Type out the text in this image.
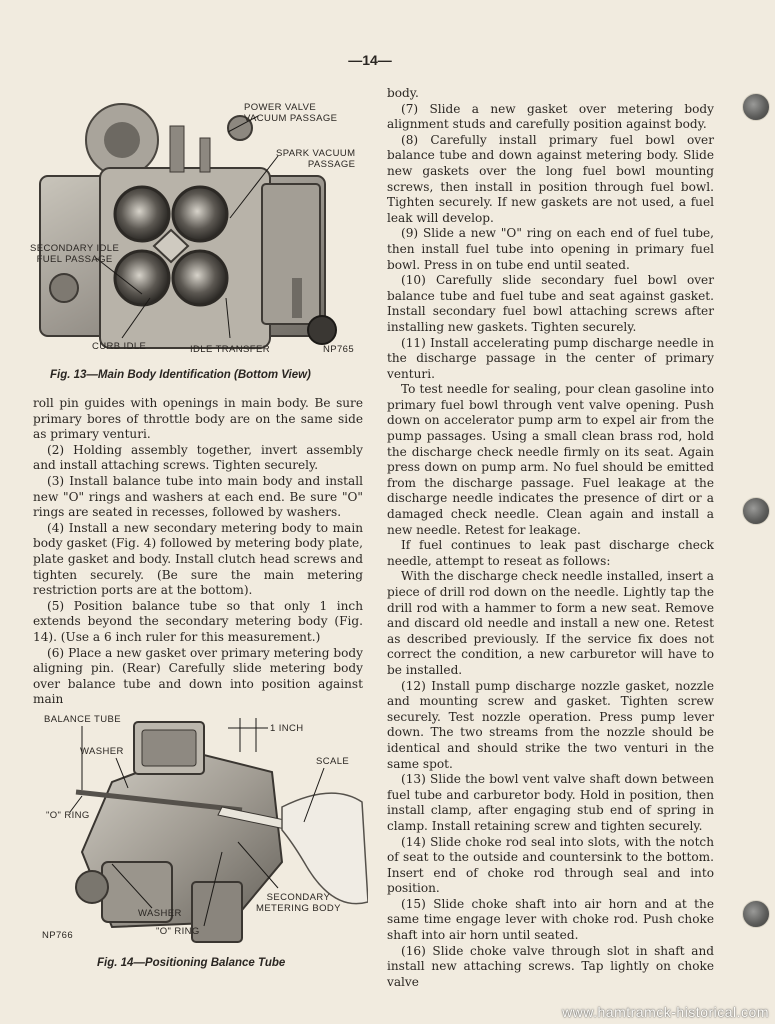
—14—
POWER VALVE
VACUUM PASSAGE
SPARK VACUUM
PASSAGE
SECONDARY IDLE
FUEL PASSAGE
CURB IDLE	IDLE TRANSFER	NP765
Fig. 13—Main Body Identification (Bottom View)

roll pin guides with openings in main body. Be sure primary bores of throttle body are on the same side as primary venturi.

(2) Holding assembly together, invert assembly and install attaching screws. Tighten securely.

(3) Install balance tube into main body and install new "O" rings and washers at each end. Be sure "O" rings are seated in recesses, followed by washers.

(4) Install a new secondary metering body to main body gasket (Fig. 4) followed by metering body plate, plate gasket and body. Install clutch head screws and tighten securely. (Be sure the main metering restriction ports are at the bottom).

(5) Position balance tube so that only 1 inch extends beyond the secondary metering body (Fig. 14). (Use a 6 inch ruler for this measurement.)

(6) Place a new gasket over primary metering body aligning pin. (Rear) Carefully slide metering body over balance tube and down into position against main

BALANCE TUBE
1 INCH
WASHER
SCALE
"O" RING
SECONDARY
METERING BODY
WASHER
NP766	"O" RING
Fig. 14—Positioning Balance Tube

body.

(7) Slide a new gasket over metering body alignment studs and carefully position against body.

(8) Carefully install primary fuel bowl over balance tube and down against metering body. Slide new gaskets over the long fuel bowl mounting screws, then install in position through fuel bowl. Tighten securely. If new gaskets are not used, a fuel leak will develop.

(9) Slide a new "O" ring on each end of fuel tube, then install fuel tube into opening in primary fuel bowl. Press in on tube end until seated.

(10) Carefully slide secondary fuel bowl over balance tube and fuel tube and seat against gasket. Install secondary fuel bowl attaching screws after installing new gaskets. Tighten securely.

(11) Install accelerating pump discharge needle in the discharge passage in the center of primary venturi.

To test needle for sealing, pour clean gasoline into primary fuel bowl through vent valve opening. Push down on accelerator pump arm to expel air from the pump passages. Using a small clean brass rod, hold the discharge check needle firmly on its seat. Again press down on pump arm. No fuel should be emitted from the discharge passage. Fuel leakage at the discharge needle indicates the presence of dirt or a damaged check needle. Clean again and install a new needle. Retest for leakage.

If fuel continues to leak past discharge check needle, attempt to reseat as follows:

With the discharge check needle installed, insert a piece of drill rod down on the needle. Lightly tap the drill rod with a hammer to form a new seat. Remove and discard old needle and install a new one. Retest as described previously. If the service fix does not correct the condition, a new carburetor will have to be installed.

(12) Install pump discharge nozzle gasket, nozzle and mounting screw and gasket. Tighten screw securely. Test nozzle operation. Press pump lever down. The two streams from the nozzle should be identical and should strike the two venturi in the same spot.

(13) Slide the bowl vent valve shaft down between fuel tube and carburetor body. Hold in position, then install clamp, after engaging stub end of spring in clamp. Install retaining screw and tighten securely.

(14) Slide choke rod seal into slots, with the notch of seat to the outside and countersink to the bottom. Insert end of choke rod through seal and into position.

(15) Slide choke shaft into air horn and at the same time engage lever with choke rod. Push choke shaft into air horn until seated.

(16) Slide choke valve through slot in shaft and install new attaching screws. Tap lightly on choke valve

www.hamtramck-historical.com
